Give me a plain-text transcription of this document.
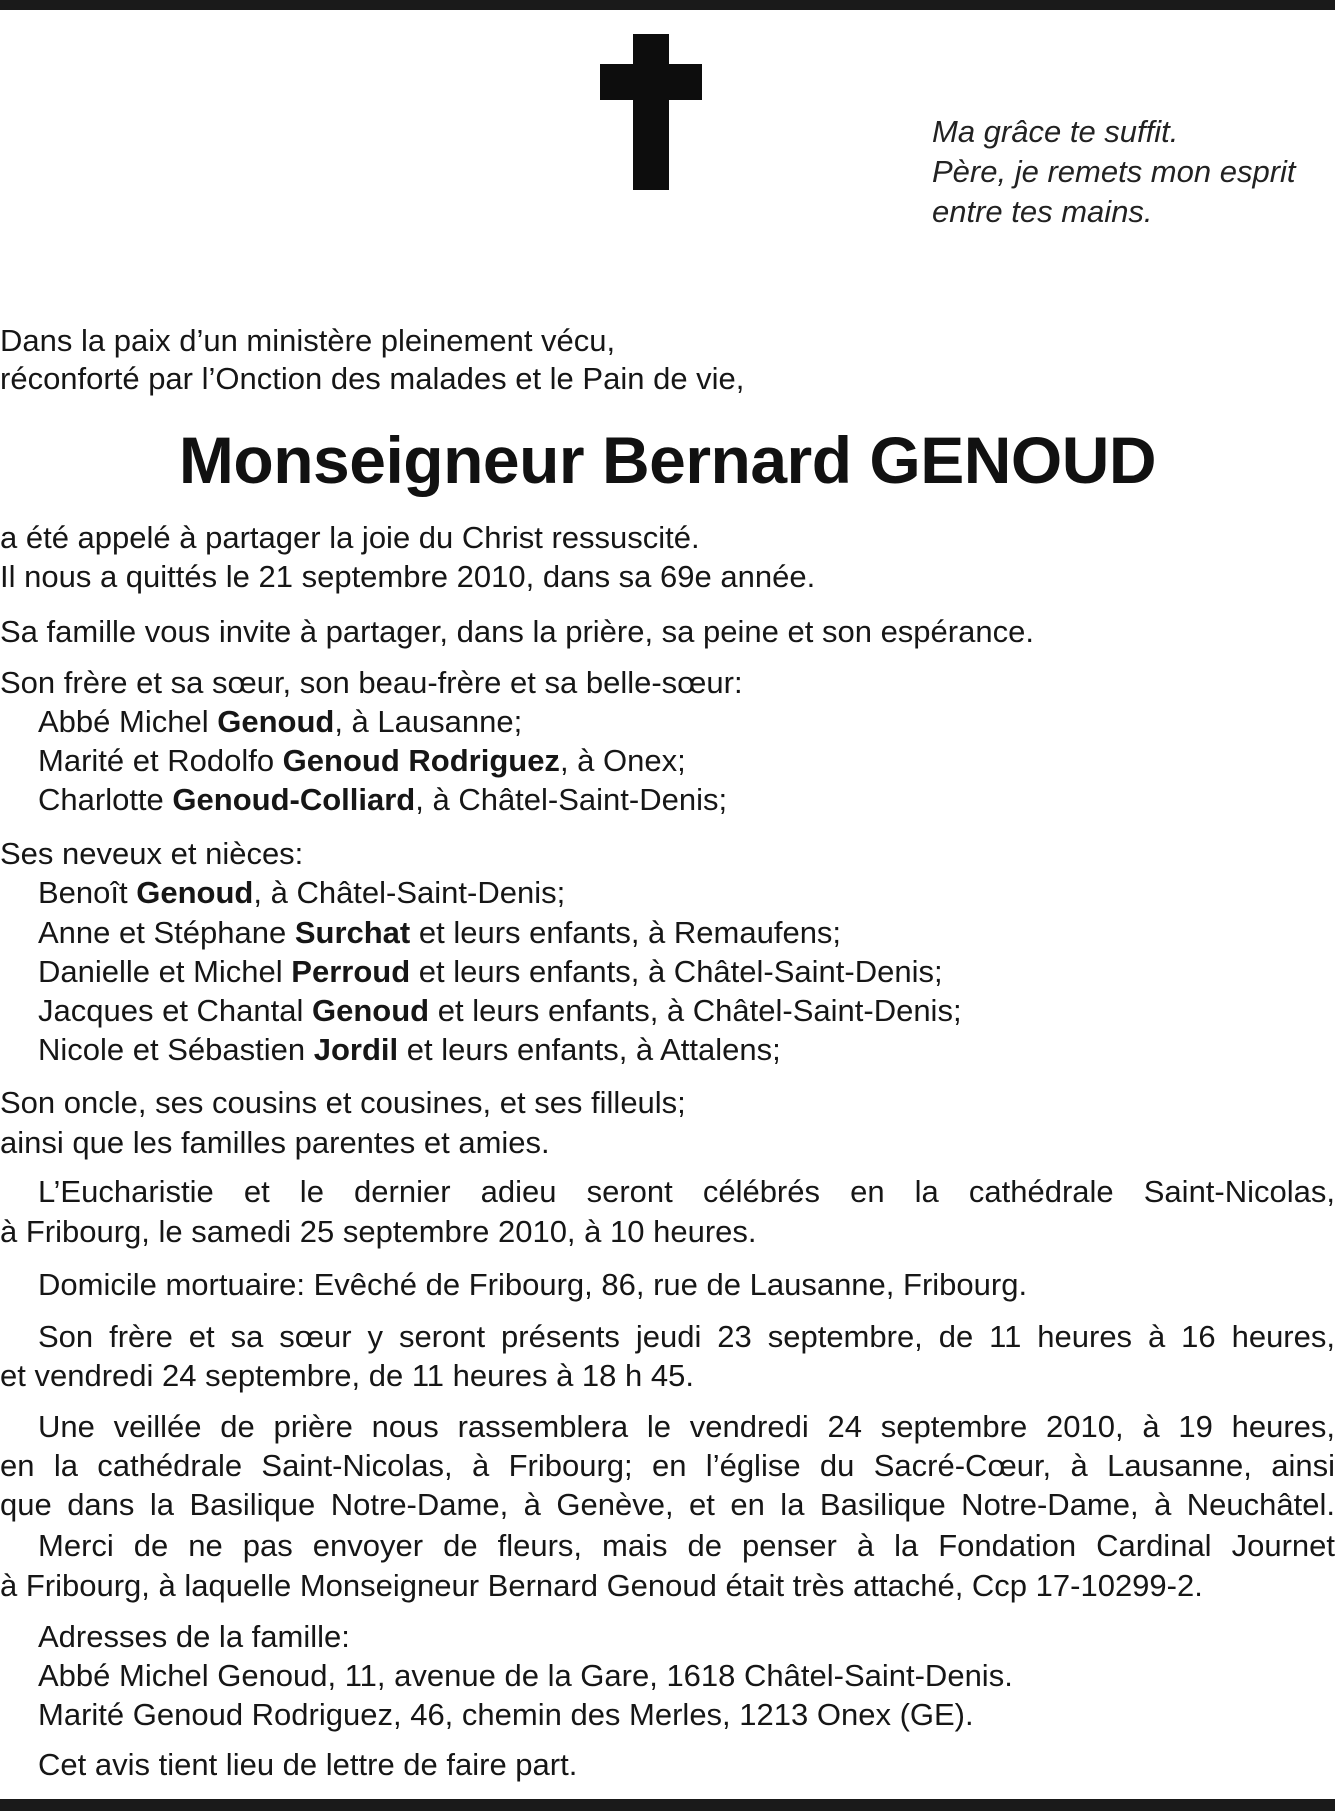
Ma grâce te suffit.
Père, je remets mon esprit
entre tes mains.
Dans la paix d’un ministère pleinement vécu,
réconforté par l’Onction des malades et le Pain de vie,
a été appelé à partager la joie du Christ ressuscité.
Il nous a quittés le 21 septembre 2010, dans sa 69e année.
Sa famille vous invite à partager, dans la prière, sa peine et son espérance.
Son frère et sa sœur, son beau-frère et sa belle-sœur:
Abbé Michel Genoud, à Lausanne;
Marité et Rodolfo Genoud Rodriguez, à Onex;
Charlotte Genoud-Colliard, à Châtel-Saint-Denis;
Ses neveux et nièces:
Benoît Genoud, à Châtel-Saint-Denis;
Anne et Stéphane Surchat et leurs enfants, à Remaufens;
Danielle et Michel Perroud et leurs enfants, à Châtel-Saint-Denis;
Jacques et Chantal Genoud et leurs enfants, à Châtel-Saint-Denis;
Nicole et Sébastien Jordil et leurs enfants, à Attalens;
Son oncle, ses cousins et cousines, et ses filleuls;
ainsi que les familles parentes et amies.
L’Eucharistie et le dernier adieu seront célébrés en la cathédrale Saint-Nicolas,
à Fribourg, le samedi 25 septembre 2010, à 10 heures.
Domicile mortuaire: Evêché de Fribourg, 86, rue de Lausanne, Fribourg.
Son frère et sa sœur y seront présents jeudi 23 septembre, de 11 heures à 16 heures,
et vendredi 24 septembre, de 11 heures à 18 h 45.
Une veillée de prière nous rassemblera le vendredi 24 septembre 2010, à 19 heures,
en la cathédrale Saint-Nicolas, à Fribourg; en l’église du Sacré-Cœur, à Lausanne, ainsi
que dans la Basilique Notre-Dame, à Genève, et en la Basilique Notre-Dame, à Neuchâtel.
Merci de ne pas envoyer de fleurs, mais de penser à la Fondation Cardinal Journet
à Fribourg, à laquelle Monseigneur Bernard Genoud était très attaché, Ccp 17-10299-2.
Adresses de la famille:
Abbé Michel Genoud, 11, avenue de la Gare, 1618 Châtel-Saint-Denis.
Marité Genoud Rodriguez, 46, chemin des Merles, 1213 Onex (GE).
Cet avis tient lieu de lettre de faire part.
Monseigneur Bernard GENOUD
